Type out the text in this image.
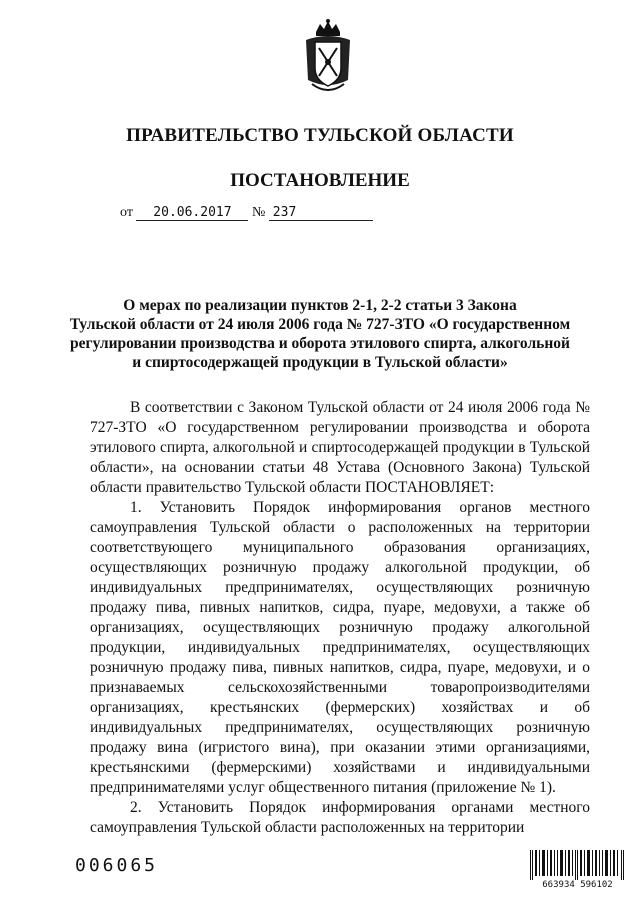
ПРАВИТЕЛЬСТВО ТУЛЬСКОЙ ОБЛАСТИ
ПОСТАНОВЛЕНИЕ
от 20.06.2017 № 237
О мерах по реализации пунктов 2-1, 2-2 статьи 3 Закона
Тульской области от 24 июля 2006 года № 727-ЗТО «О государственном
регулировании производства и оборота этилового спирта, алкогольной
и спиртосодержащей продукции в Тульской области»

В соответствии с Законом Тульской области от 24 июля 2006 года № 727-ЗТО «О государственном регулировании производства и оборота этилового спирта, алкогольной и спиртосодержащей продукции в Тульской области», на основании статьи 48 Устава (Основного Закона) Тульской области правительство Тульской области ПОСТАНОВЛЯЕТ:

1. Установить Порядок информирования органов местного самоуправления Тульской области о расположенных на территории соответствующего муниципального образования организациях, осуществляющих розничную продажу алкогольной продукции, об индивидуальных предпринимателях, осуществляющих розничную продажу пива, пивных напитков, сидра, пуаре, медовухи, а также об организациях, осуществляющих розничную продажу алкогольной продукции, индивидуальных предпринимателях, осуществляющих розничную продажу пива, пивных напитков, сидра, пуаре, медовухи, и о признаваемых сельскохозяйственными товаропроизводителями организациях, крестьянских (фермерских) хозяйствах и об индивидуальных предпринимателях, осуществляющих розничную продажу вина (игристого вина), при оказании этими организациями, крестьянскими (фермерскими) хозяйствами и индивидуальными предпринимателями услуг общественного питания (приложение № 1).

2. Установить Порядок информирования органами местного самоуправления Тульской области расположенных на территории

006065
663934 596102
